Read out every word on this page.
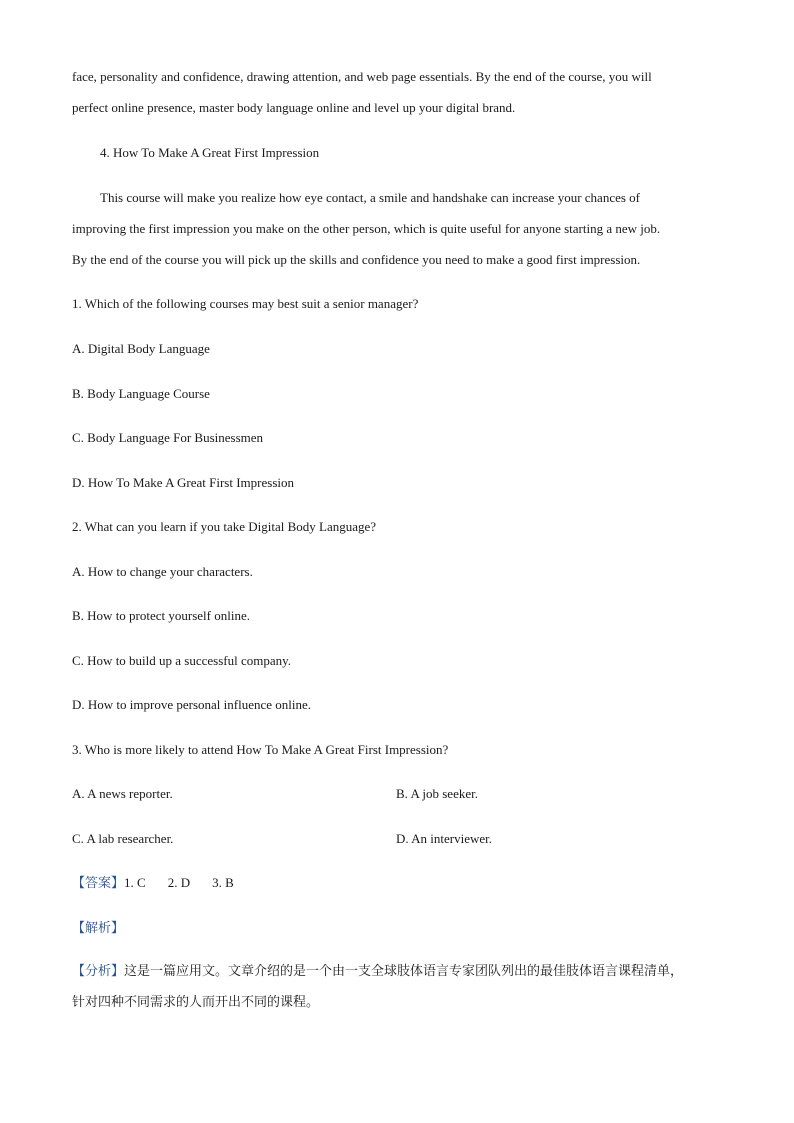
face, personality and confidence, drawing attention, and web page essentials. By the end of the course, you will
perfect online presence, master body language online and level up your digital brand.
4. How To Make A Great First Impression
This course will make you realize how eye contact, a smile and handshake can increase your chances of
improving the first impression you make on the other person, which is quite useful for anyone starting a new job.
By the end of the course you will pick up the skills and confidence you need to make a good first impression.
1. Which of the following courses may best suit a senior manager?
A. Digital Body Language
B. Body Language Course
C. Body Language For Businessmen
D. How To Make A Great First Impression
2. What can you learn if you take Digital Body Language?
A. How to change your characters.
B. How to protect yourself online.
C. How to build up a successful company.
D. How to improve personal influence online.
3. Who is more likely to attend How To Make A Great First Impression?
A. A news reporter.	B. A job seeker.
C. A lab researcher.	D. An interviewer.
【答案】1. C 2. D 3. B
【解析】
【分析】这是一篇应用文。文章介绍的是一个由一支全球肢体语言专家团队列出的最佳肢体语言课程清单，
针对四种不同需求的人而开出不同的课程。
